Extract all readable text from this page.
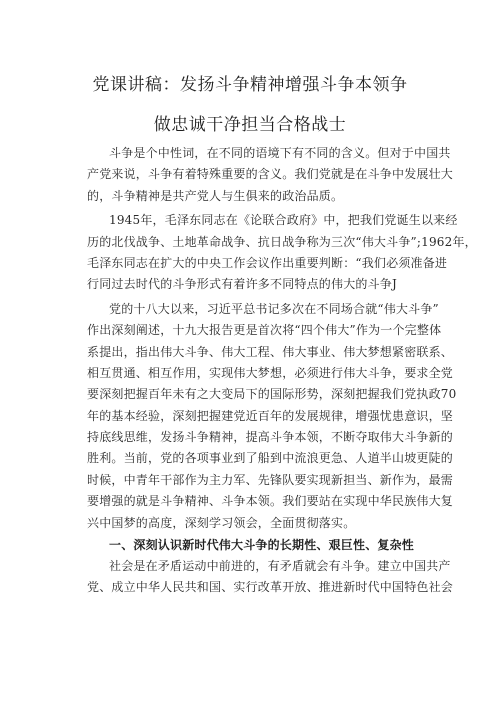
党课讲稿：发扬斗争精神增强斗争本领争
做忠诚干净担当合格战士
斗争是个中性词，在不同的语境下有不同的含义。但对于中国共
产党来说，斗争有着特殊重要的含义。我们党就是在斗争中发展壮大
的，斗争精神是共产党人与生俱来的政治品质。
1945年，毛泽东同志在《论联合政府》中，把我们党诞生以来经
历的北伐战争、土地革命战争、抗日战争称为三次“伟大斗争”;1962年，
毛泽东同志在扩大的中央工作会议作出重要判断：“我们必须准备进
行同过去时代的斗争形式有着许多不同特点的伟大的斗争J
党的十八大以来，习近平总书记多次在不同场合就“伟大斗争”
作出深刻阐述，十九大报告更是首次将“四个伟大”作为一个完整体
系提出，指出伟大斗争、伟大工程、伟大事业、伟大梦想紧密联系、
相互贯通、相互作用，实现伟大梦想，必须进行伟大斗争，要求全党
要深刻把握百年未有之大变局下的国际形势，深刻把握我们党执政70
年的基本经验，深刻把握建党近百年的发展规律，增强忧患意识，坚
持底线思维，发扬斗争精神，提高斗争本领，不断夺取伟大斗争新的
胜利。当前，党的各项事业到了船到中流浪更急、人道半山坡更陡的
时候，中青年干部作为主力军、先锋队要实现新担当、新作为，最需
要增强的就是斗争精神、斗争本领。我们要站在实现中华民族伟大复
兴中国梦的高度，深刻学习领会，全面贯彻落实。
一、深刻认识新时代伟大斗争的长期性、艰巨性、复杂性
社会是在矛盾运动中前进的，有矛盾就会有斗争。建立中国共产
党、成立中华人民共和国、实行改革开放、推进新时代中国特色社会
